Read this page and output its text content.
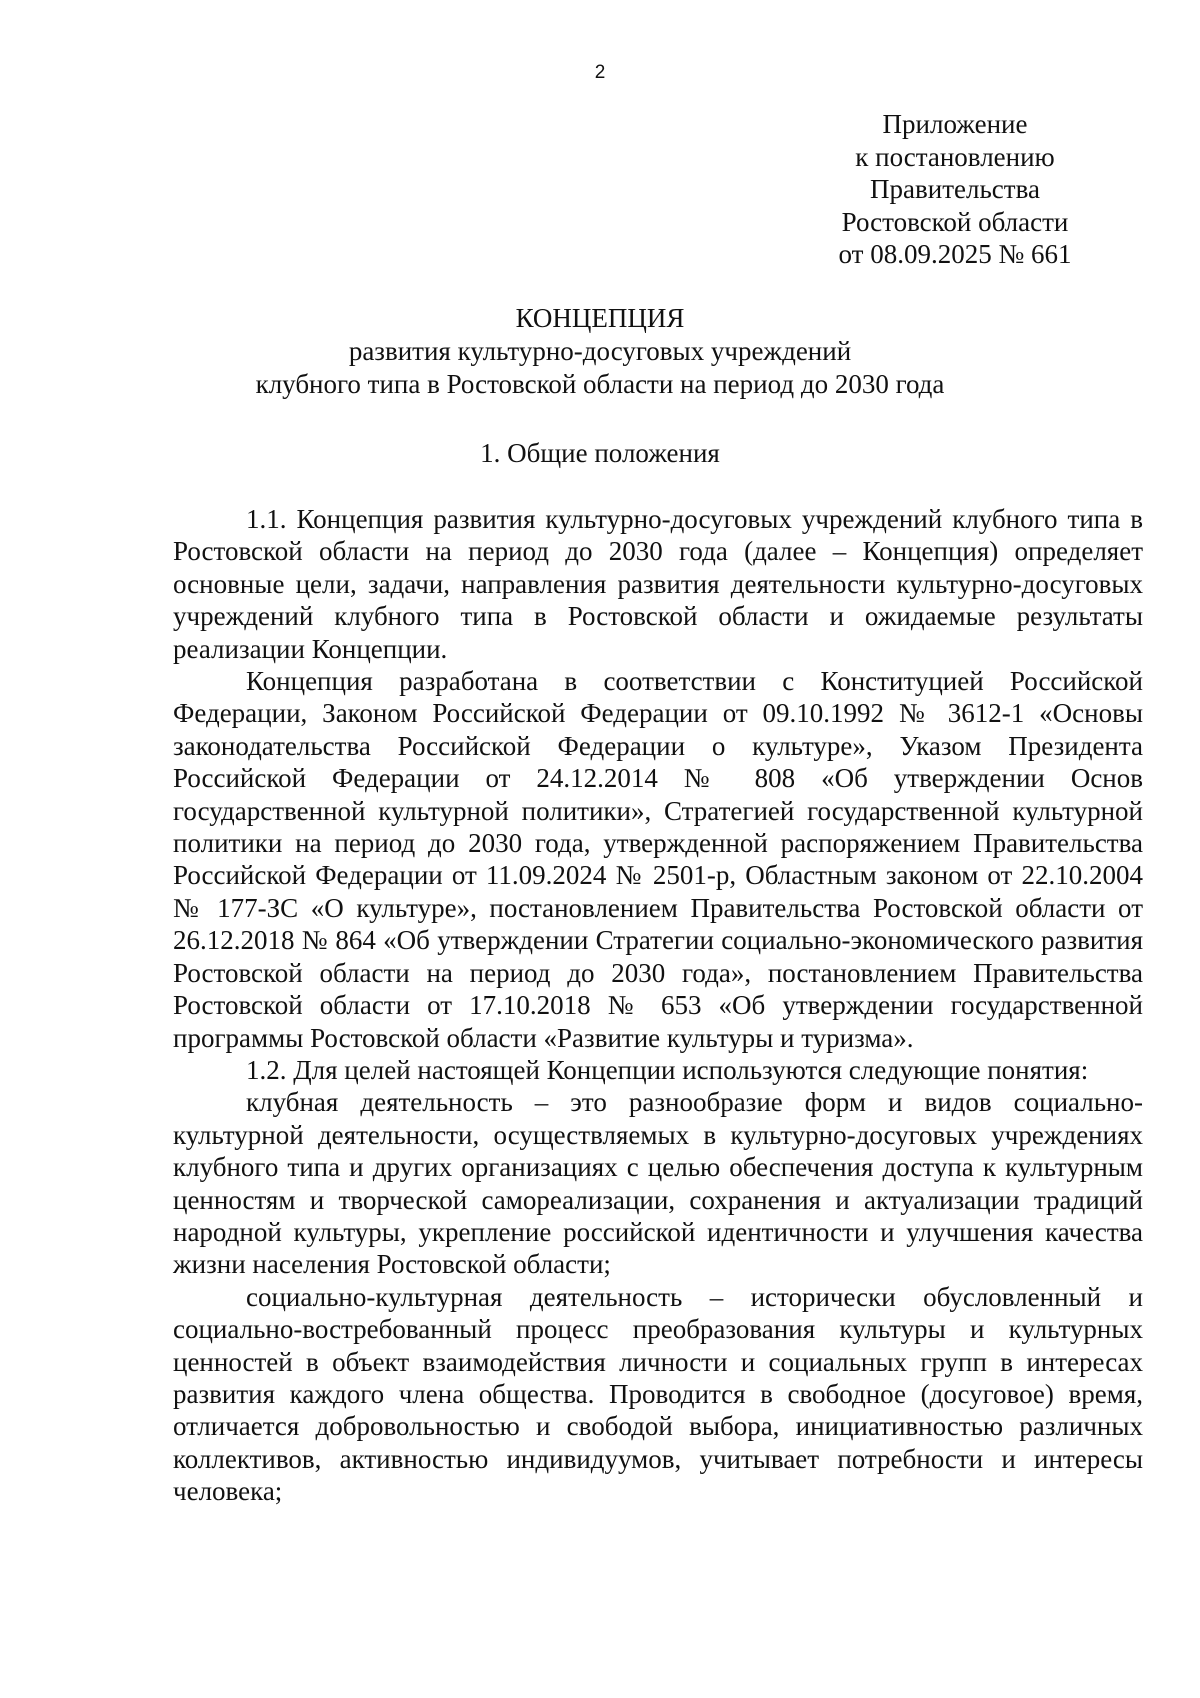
2
Приложение
к постановлению
Правительства
Ростовской области
от 08.09.2025 № 661
КОНЦЕПЦИЯ
развития культурно-досуговых учреждений
клубного типа в Ростовской области на период до 2030 года
1. Общие положения

1.1. Концепция развития культурно-досуговых учреждений клубного типа в Ростовской области на период до 2030 года (далее – Концепция) определяет основные цели, задачи, направления развития деятельности культурно-досуговых учреждений клубного типа в Ростовской области и ожидаемые результаты реализации Концепции.

Концепция разработана в соответствии с Конституцией Российской Федерации, Законом Российской Федерации от 09.10.1992 № 3612-1 «Основы законодательства Российской Федерации о культуре», Указом Президента Российской Федерации от 24.12.2014 № 808 «Об утверждении Основ государственной культурной политики», Стратегией государственной культурной политики на период до 2030 года, утвержденной распоряжением Правительства Российской Федерации от 11.09.2024 № 2501-р, Областным законом от 22.10.2004 № 177-ЗС «О культуре», постановлением Правительства Ростовской области от 26.12.2018 № 864 «Об утверждении Стратегии социально-экономического развития Ростовской области на период до 2030 года», постановлением Правительства Ростовской области от 17.10.2018 № 653 «Об утверждении государственной программы Ростовской области «Развитие культуры и туризма».

1.2. Для целей настоящей Концепции используются следующие понятия:

клубная деятельность – это разнообразие форм и видов социально-культурной деятельности, осуществляемых в культурно-досуговых учреждениях клубного типа и других организациях с целью обеспечения доступа к культурным ценностям и творческой самореализации, сохранения и актуализации традиций народной культуры, укрепление российской идентичности и улучшения качества жизни населения Ростовской области;

социально-культурная деятельность – исторически обусловленный и социально-востребованный процесс преобразования культуры и культурных ценностей в объект взаимодействия личности и социальных групп в интересах развития каждого члена общества. Проводится в свободное (досуговое) время, отличается добровольностью и свободой выбора, инициативностью различных коллективов, активностью индивидуумов, учитывает потребности и интересы человека;
